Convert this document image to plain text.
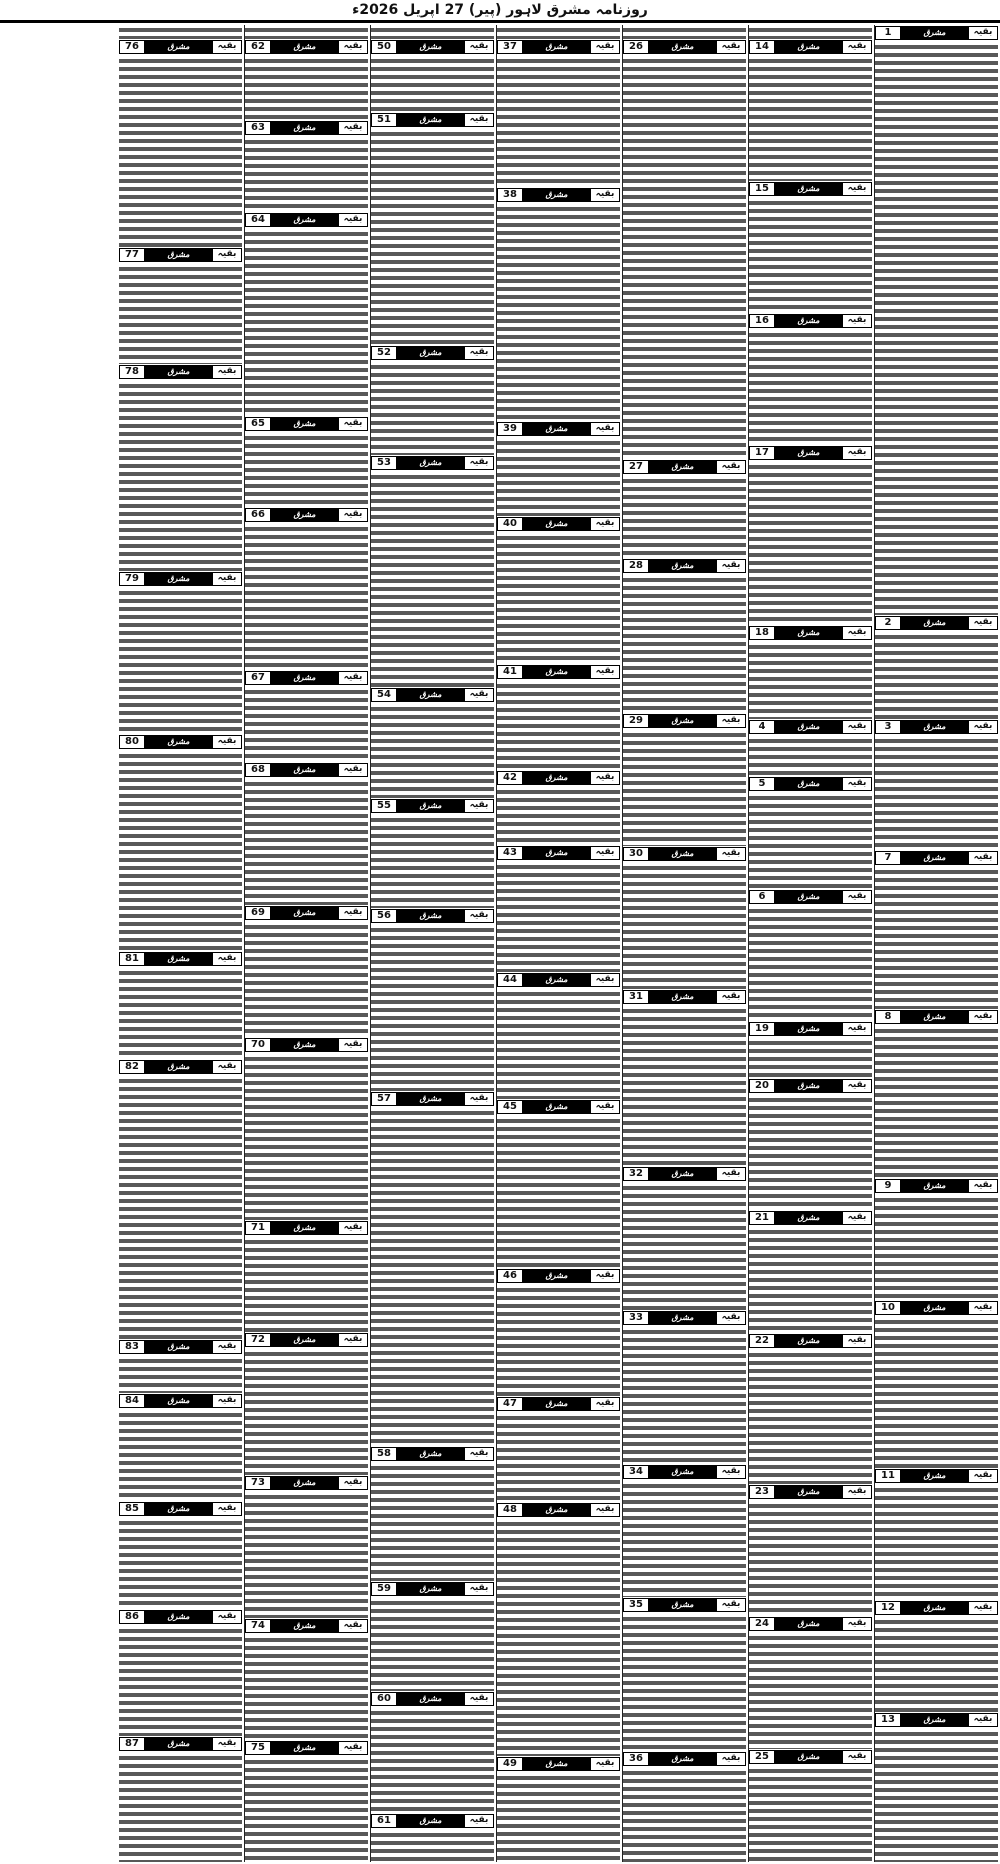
روزنامہ مشرق لاہور (پیر) 27 اپریل 2026ء
بقیہ
مشرق
1
بقیہ
مشرق
2
بقیہ
مشرق
3
بقیہ
مشرق
7
بقیہ
مشرق
8
بقیہ
مشرق
9
بقیہ
مشرق
10
بقیہ
مشرق
11
بقیہ
مشرق
12
بقیہ
مشرق
13
بقیہ
مشرق
14
بقیہ
مشرق
15
بقیہ
مشرق
16
بقیہ
مشرق
17
بقیہ
مشرق
18
بقیہ
مشرق
4
بقیہ
مشرق
5
بقیہ
مشرق
6
بقیہ
مشرق
19
بقیہ
مشرق
20
بقیہ
مشرق
21
بقیہ
مشرق
22
بقیہ
مشرق
23
بقیہ
مشرق
24
بقیہ
مشرق
25
بقیہ
مشرق
26
بقیہ
مشرق
27
بقیہ
مشرق
28
بقیہ
مشرق
29
بقیہ
مشرق
30
بقیہ
مشرق
31
بقیہ
مشرق
32
بقیہ
مشرق
33
بقیہ
مشرق
34
بقیہ
مشرق
35
بقیہ
مشرق
36
بقیہ
مشرق
37
بقیہ
مشرق
38
بقیہ
مشرق
39
بقیہ
مشرق
40
بقیہ
مشرق
41
بقیہ
مشرق
42
بقیہ
مشرق
43
بقیہ
مشرق
44
بقیہ
مشرق
45
بقیہ
مشرق
46
بقیہ
مشرق
47
بقیہ
مشرق
48
بقیہ
مشرق
49
بقیہ
مشرق
50
بقیہ
مشرق
51
بقیہ
مشرق
52
بقیہ
مشرق
53
بقیہ
مشرق
54
بقیہ
مشرق
55
بقیہ
مشرق
56
بقیہ
مشرق
57
بقیہ
مشرق
58
بقیہ
مشرق
59
بقیہ
مشرق
60
بقیہ
مشرق
61
بقیہ
مشرق
62
بقیہ
مشرق
63
بقیہ
مشرق
64
بقیہ
مشرق
65
بقیہ
مشرق
66
بقیہ
مشرق
67
بقیہ
مشرق
68
بقیہ
مشرق
69
بقیہ
مشرق
70
بقیہ
مشرق
71
بقیہ
مشرق
72
بقیہ
مشرق
73
بقیہ
مشرق
74
بقیہ
مشرق
75
بقیہ
مشرق
76
بقیہ
مشرق
77
بقیہ
مشرق
78
بقیہ
مشرق
79
بقیہ
مشرق
80
بقیہ
مشرق
81
بقیہ
مشرق
82
بقیہ
مشرق
83
بقیہ
مشرق
84
بقیہ
مشرق
85
بقیہ
مشرق
86
بقیہ
مشرق
87
